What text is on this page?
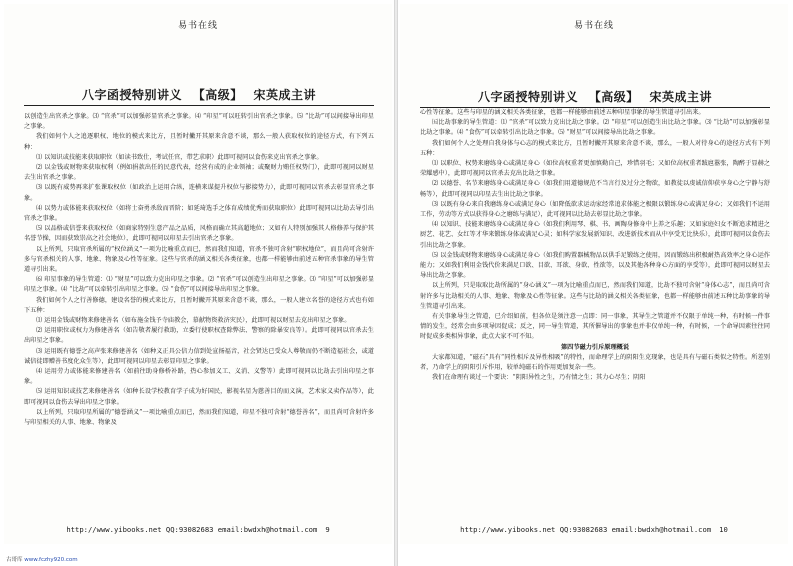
易书在线
八字函授特别讲义 【高级】 宋英成主讲

以创造生出官杀之事象。⑶ “官杀”可以加强彰显官杀之事象。⑷ “印星”可以旺转引出官杀之事象。⑸ “比劫”可以间接导出印星之事象。

我们如何个人之追逐职权、地位的模式来比方，且暂时撇开其原来含意不谈，那么一般人获取权位的途径方式，有下列五种：

⑴ 以知识或技能来获取职位（如读书致仕，考试任官，带艺求职）此即可视同以食伤来克出官杀之事象。

⑵ 以金钱或财物来获取权利（例如捐款出任的民意代表，经营有成的企业领袖；或聚财力贿任权势门），此即可视同以财星去生出官杀之事象。

⑶ 以既有威势再来扩张课取权位（如政治上运用合纵，连横来谋提升权位与影接势力），此即可视同以官杀去彰显官杀之事象。

⑷ 以势力或体能来获取权位（如将士奋勇杀敌而晋阶；如延琦选手之体育成绩优秀而获取职位）此即可视同以比劫去导引出官杀之事象。

⑸ 以品格或信誉来获取权位（如商家特别生意产品之品质，风格而确立其高超地位；又如有人特别加强其人格修养与保护其名誉节操，因而获致崇高之社会地位），此即可视同以印星去引出官杀之事象。

以上所列，只取官杀所属的“权位涵义”一项为比喻重点而已，然而我们知道，官杀不独可含射“职权地位”，而且尚可含射许多与官杀相关的人事、地象、物象及心性等征象。这些与官杀的涵义相关各类征象，也都一样能够由前述五种官杀事象的导生管道寻引出来。

⑹ 印星事象的导生管道：⑴ “财星”可以致力克出印星之事象。⑵ “官杀”可以创造生出印星之事象。⑶ “印星”可以加强彰显印星之事象。⑷ “比劫”可以牵转引出印星之事象。⑸ “食伤”可以间接导出印星之事象。

我们如何个人之行善修德，建设名誉的模式来比方，且暂时撇开其原来含意不谈，那么，一般人建立名誉的途径方式也有如下五种：

⑴ 运用金钱或财物来修建善名（如布施金钱予寺庙教会，慕献物资救济灾民），此即可视以财星去克出印星之事象。

⑵ 运用职位或权力为修建善名（如告敬者履行救助，立委行使职权查除弊法、警察的除暴安良等）。此即可视同以官杀去生出印星之事象。

⑶ 运用既有德誉之高声张来修建善名（如种义正具公信力信到处宣扬福音，社会贤达已受众人尊敬而仍不断造福社会，或道诚信徒即赠善书度化众生等），此即可视同以印星去彰显印星之事象。

⑷ 运用劳力或体能来修建善名（如前往助身修桥补路，热心参加义工、义消、义警等）此即可视同以比劫去引出印星之事象。

⑸ 运用知识或技艺来修建善名（如种长设学校教育学子成为好国民，影视名星为慈善目的而义演，艺术家义卖作品等），此即可视同以食伤去导出印星之事象。

以上所列，只取印星所属的“德誉涵义”一项比喻重点而已，然而我们知道，印星不独可含射“德誉善名”，而且尚可含射许多与印星相关的人事、地象、物象及

http://www.yibooks.net QQ:93082683 email:bwdxh@hotmail.com 9
易书在线
八字函授特别讲义 【高级】 宋英成主讲

心性等征象。这些与印星的涵义相关各类征象，也都一样能够由前述五种印星事象的导生管道寻引出来。

㈤比劫事象的导生管道：⑴ “官杀”可以致力克出比劫之事象。⑵ “印星”可以创造生出比劫之事象。⑶ “比劫”可以加强彰显比劫之事象。⑷ “食伤”可以牵转引出比劫之事象。⑸ “财星”可以间接导出比劫之事象。

我们如何个人之处理自我身体与心志的模式来比方，且暂时撇开其原来含意不谈，那么，一般人对待身心的途径方式有下列五种：

⑴ 以职位、权势来磨练身心或满足身心（如位高权重者更加慎勤自己，珍惜羽毛；又如位高权重者跋扈嚣张，陶醉于显赫之荣耀感中），此即可视同以官杀去克出比劫之事象。

⑵ 以德誉、名节来磨练身心或满足身心（如我们用道德规范不当言行及过分之物欲，如教徒以虔诚信仰获享身心之宁静与舒畅等），此即可视同以印星去生出比劫之事象。

⑶ 以既有身心来自我磨练身心或满足身心（如降低欲求运动家经常追求体能之极限以锻练身心或满足身心；又如我们不运用工作，劳动等方式以获得身心之磨练与满足），此可视同以比劫去彰显比劫之事象。

⑷ 以知识、技能来磨练身心或满足身心（如我们利用琴、棋、书、画陶身修身中上养之乐趣；又如家庭妇女不断追求精进之厨艺、花艺、女红等才华来锻练身体或满足心灵；如科学家发展新知识、改进新技术而从中享受无比快乐），此即可视同以食伤去引出比劫之事象。

⑸ 以金钱或财物来磨练身心或满足身心（如我们购置器械物品以供手足锻练之使用，因而锻练出积极耐热高效率之身心运作能力；又如我们利用金钱代价来满足口欲、目欲、耳欲、身欲、性欲等，以及其他各种身心方面的享受等），此即可视同以财星去导出比劫之事象。

以上所列，只是取取比劫所属的“身心涵义”一项为比喻重点而已，然而我们知道，比劫不独可含射“身体心志”，而且尚可含射许多与比劫相关的人事、地象、物象及心性等征象。这些与比劫的涵义相关各类征象，也都一样能够由前述五种比劫事象的导生管道寻引出来。

有关事象导生之管道，已介绍如前，但各位是须注意一点即：同一事象，其导生之管道并不仅限于单纯一种，有时候一件事情的发生，经常会由多项导因促成；反之，同一导生管道，其所催导出的事象也并非仅单纯一种，有时候，一个命导因素往往同时促成多类相异事象，此点大家不可不知。

第四节磁力引斥原理概说

大家都知道，“磁石”具有“同性相斥及异性相吸”的特性，而命理学上的阴阳生克现象，也是具有与磁石类似之特性。所差别者，乃命学上的阴阳引斥作用，较单纯磁石的作用更加复杂一些。

我们在命理有谈过一个要诀：“阴阳异性之生，乃有情之生；其力心尽生；阴阳

http://www.yibooks.net QQ:93082683 email:bwdxh@hotmail.com 10
古哥库 www.fczhy920.com
